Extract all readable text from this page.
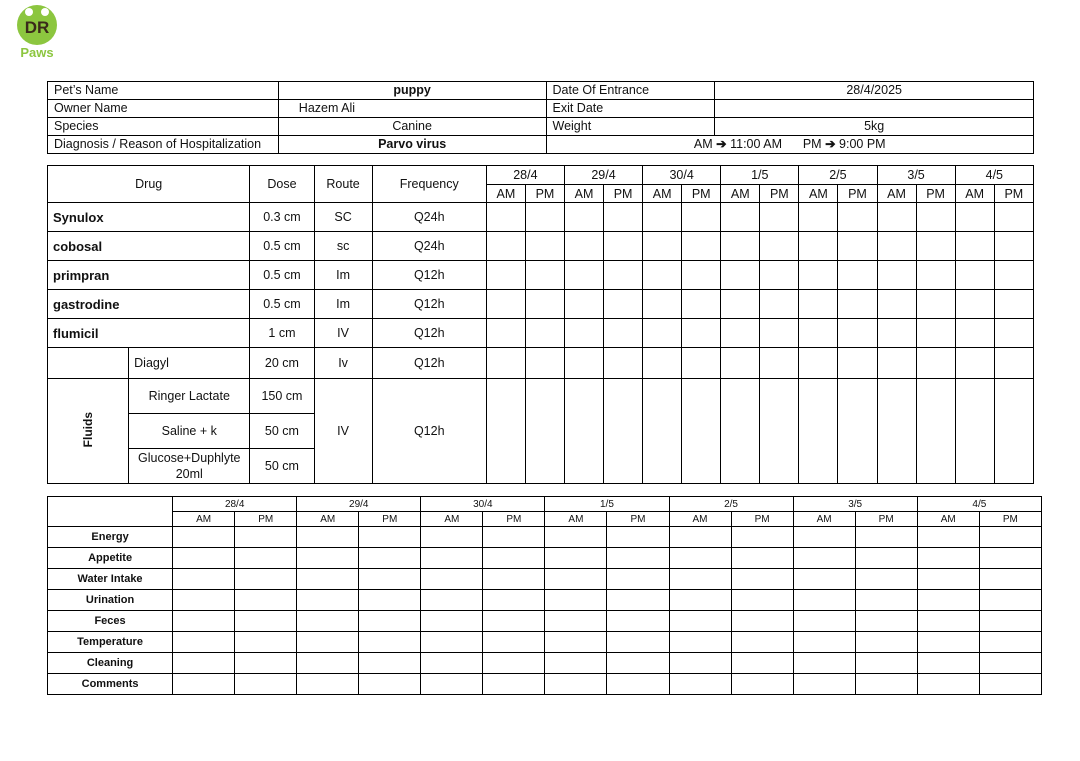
DR
Paws
Pet’s Name	puppy	Date Of Entrance	28/4/2025
Owner Name	Hazem Ali	Exit Date	
Species	Canine	Weight	5kg
Diagnosis / Reason of Hospitalization	Parvo virus	AM ➔ 11:00 AM PM ➔ 9:00 PM	
Drug		Dose	Route	Frequency	28/4		29/4		30/4		1/5		2/5		3/5		4/5	
					AM	PM	AM	PM	AM	PM	AM	PM	AM	PM	AM	PM	AM	PM
Synulox		0.3 cm	SC	Q24h														
cobosal		0.5 cm	sc	Q24h														
primpran		0.5 cm	Im	Q12h														
gastrodine		0.5 cm	Im	Q12h														
flumicil		1 cm	IV	Q12h														
	Diagyl	20 cm	Iv	Q12h														
Fluids	Ringer Lactate	150 cm	IV	Q12h														
	Saline + k	50 cm																
	Glucose+Duphlyte 20ml	50 cm																
	28/4		29/4		30/4		1/5		2/5		3/5		4/5	
	AM	PM	AM	PM	AM	PM	AM	PM	AM	PM	AM	PM	AM	PM
Energy														
Appetite														
Water Intake														
Urination														
Feces														
Temperature														
Cleaning														
Comments														
